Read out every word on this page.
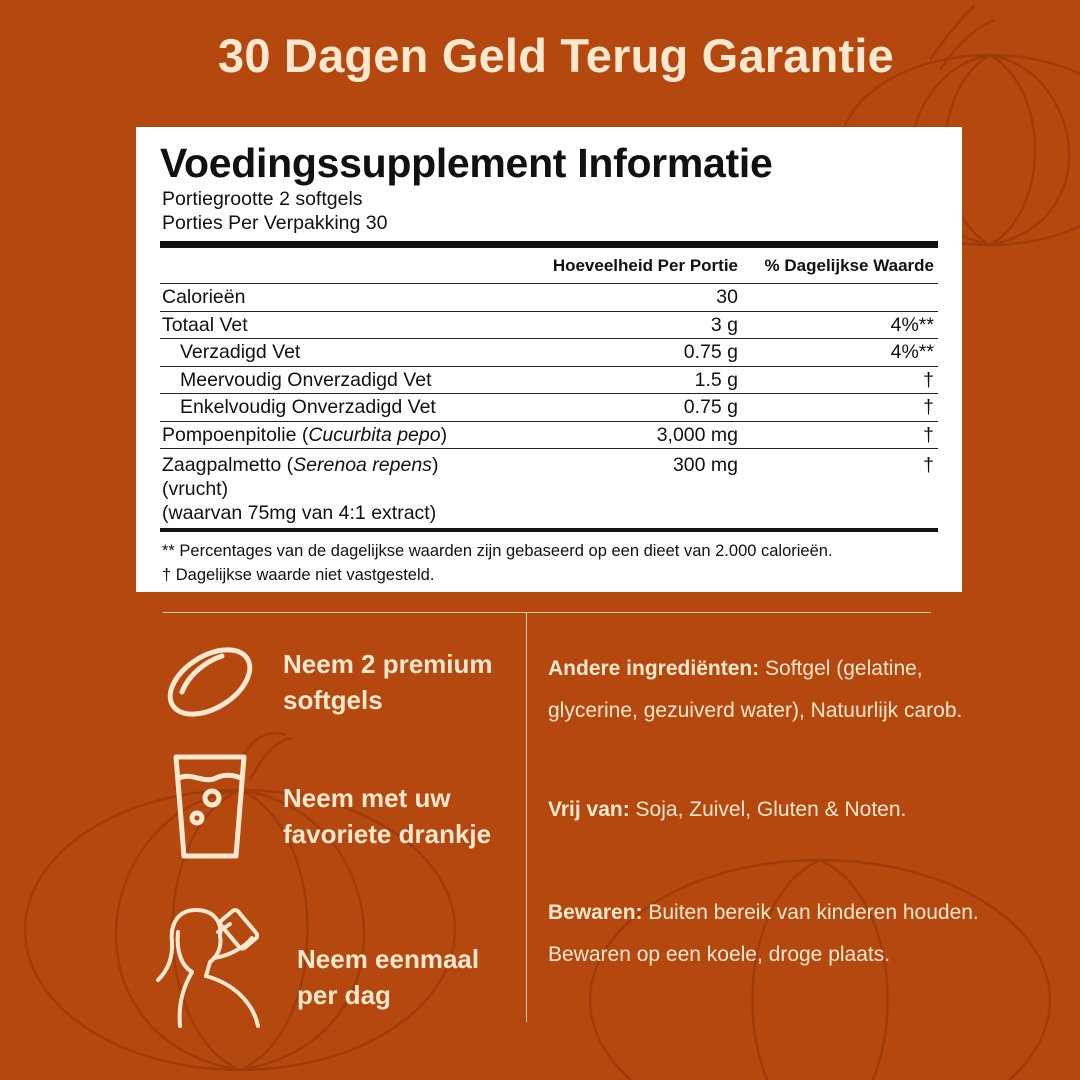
30 Dagen Geld Terug Garantie
Voedingssupplement Informatie
Portiegrootte 2 softgels
Porties Per Verpakking 30
	Hoeveelheid Per Portie	% Dagelijkse Waarde
Calorieën	30	
Totaal Vet	3 g	4%**
Verzadigd Vet	0.75 g	4%**
Meervoudig Onverzadigd Vet	1.5 g	†
Enkelvoudig Onverzadigd Vet	0.75 g	†
Pompoenpitolie (Cucurbita pepo)	3,000 mg	†
Zaagpalmetto (Serenoa repens)(vrucht)
(waarvan 75mg van 4:1 extract)	300 mg	†
** Percentages van de dagelijkse waarden zijn gebaseerd op een dieet van 2.000 calorieën.
† Dagelijkse waarde niet vastgesteld.
Neem 2 premium
softgels
Neem met uw
favoriete drankje
Neem eenmaal
per dag
Andere ingrediënten: Softgel (gelatine, glycerine, gezuiverd water), Natuurlijk carob.
Vrij van: Soja, Zuivel, Gluten & Noten.
Bewaren: Buiten bereik van kinderen houden. Bewaren op een koele, droge plaats.
